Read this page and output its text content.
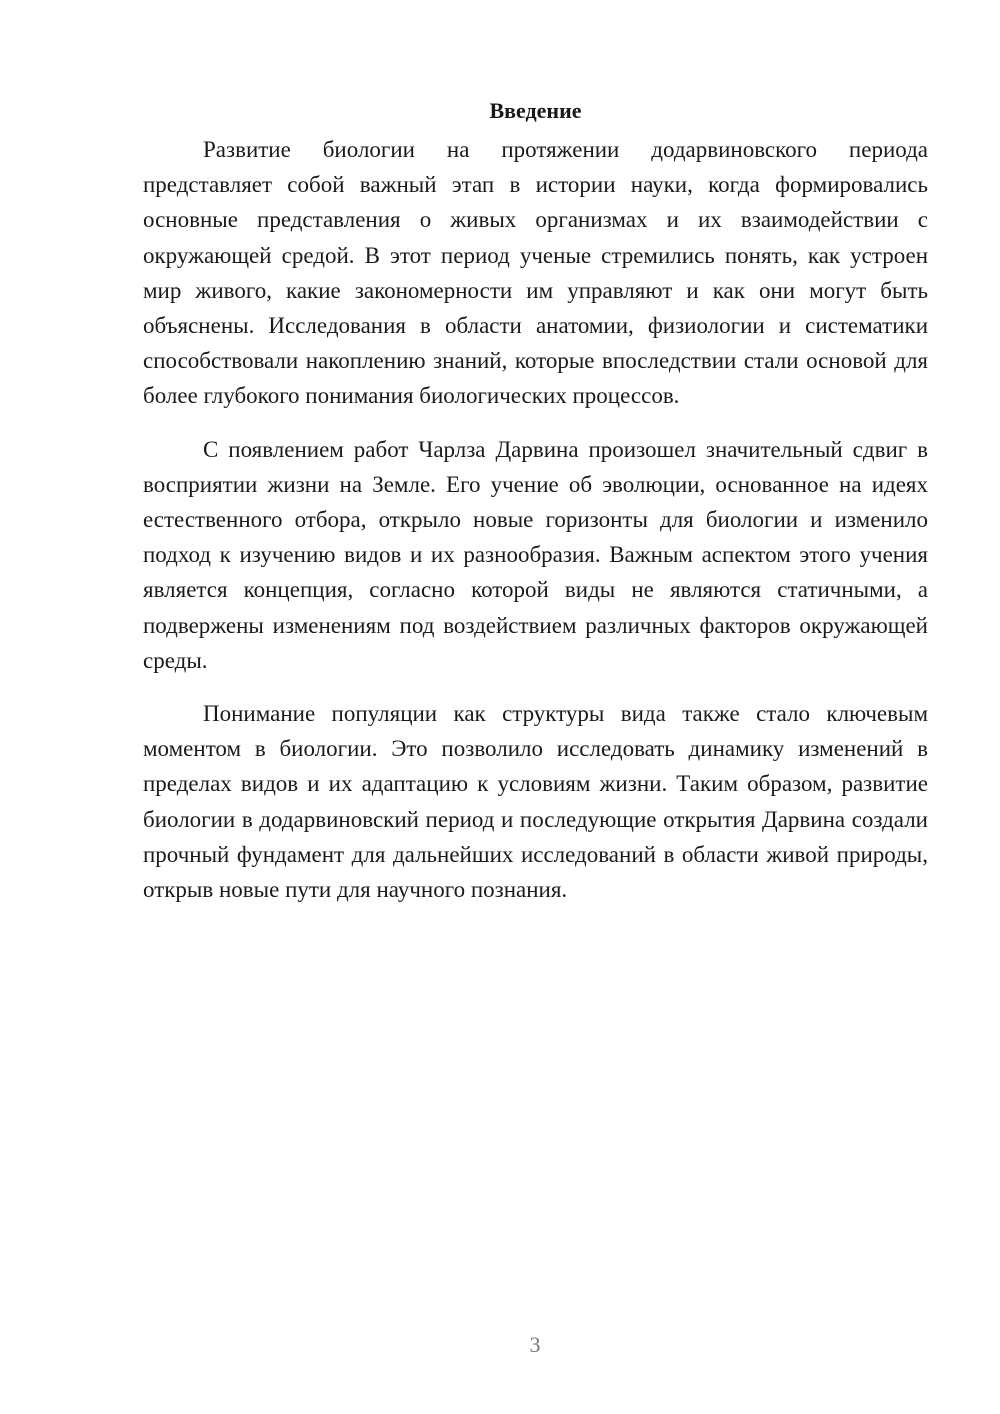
Введение

Развитие биологии на протяжении додарвиновского периода представляет собой важный этап в истории науки, когда формировались основные представления о живых организмах и их взаимодействии с окружающей средой. В этот период ученые стремились понять, как устроен мир живого, какие закономерности им управляют и как они могут быть объяснены. Исследования в области анатомии, физиологии и систематики способствовали накоплению знаний, которые впоследствии стали основой для более глубокого понимания биологических процессов.

С появлением работ Чарлза Дарвина произошел значительный сдвиг в восприятии жизни на Земле. Его учение об эволюции, основанное на идеях естественного отбора, открыло новые горизонты для биологии и изменило подход к изучению видов и их разнообразия. Важным аспектом этого учения является концепция, согласно которой виды не являются статичными, а подвержены изменениям под воздействием различных факторов окружающей среды.

Понимание популяции как структуры вида также стало ключевым моментом в биологии. Это позволило исследовать динамику изменений в пределах видов и их адаптацию к условиям жизни. Таким образом, развитие биологии в додарвиновский период и последующие открытия Дарвина создали прочный фундамент для дальнейших исследований в области живой природы, открыв новые пути для научного познания.

3
